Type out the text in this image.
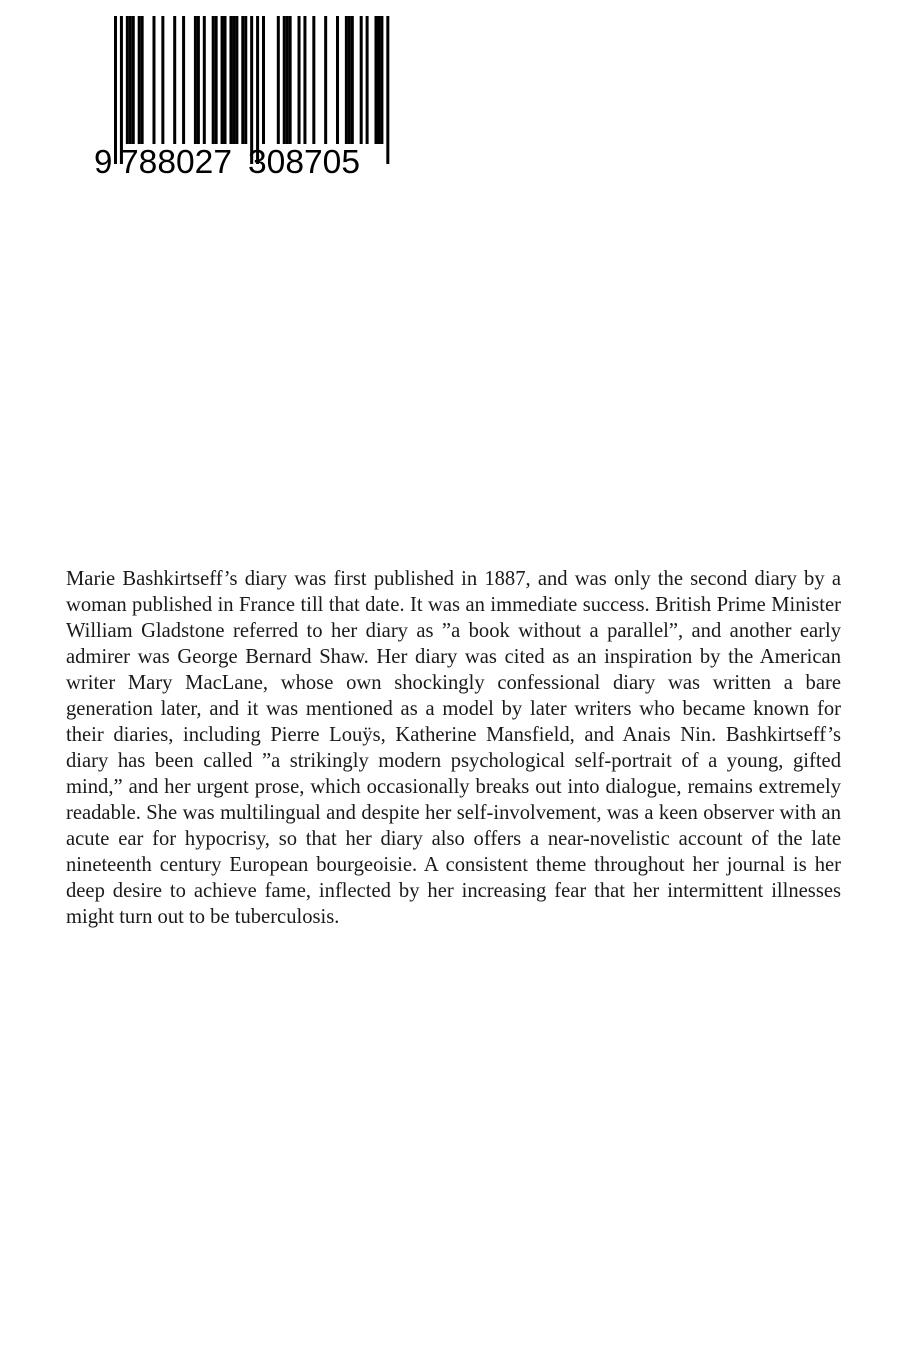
9 788027 308705

Marie Bashkirtseff’s diary was first published in 1887, and was only the second diary by a woman published in France till that date. It was an immediate success. British Prime Minister William Gladstone referred to her diary as ”a book without a parallel”, and another early admirer was George Bernard Shaw. Her diary was cited as an inspiration by the American writer Mary MacLane, whose own shockingly confessional diary was written a bare generation later, and it was mentioned as a model by later writers who became known for their diaries, including Pierre Louÿs, Katherine Mansfield, and Anais Nin. Bashkirtseff’s diary has been called ”a strikingly modern psychological self-portrait of a young, gifted mind,” and her urgent prose, which occasionally breaks out into dialogue, remains extremely readable. She was multilingual and despite her self-involvement, was a keen observer with an acute ear for hypocrisy, so that her diary also offers a near-novelistic account of the late nineteenth century European bourgeoisie. A consistent theme throughout her journal is her deep desire to achieve fame, inflected by her increasing fear that her intermittent illnesses might turn out to be tuberculosis.
